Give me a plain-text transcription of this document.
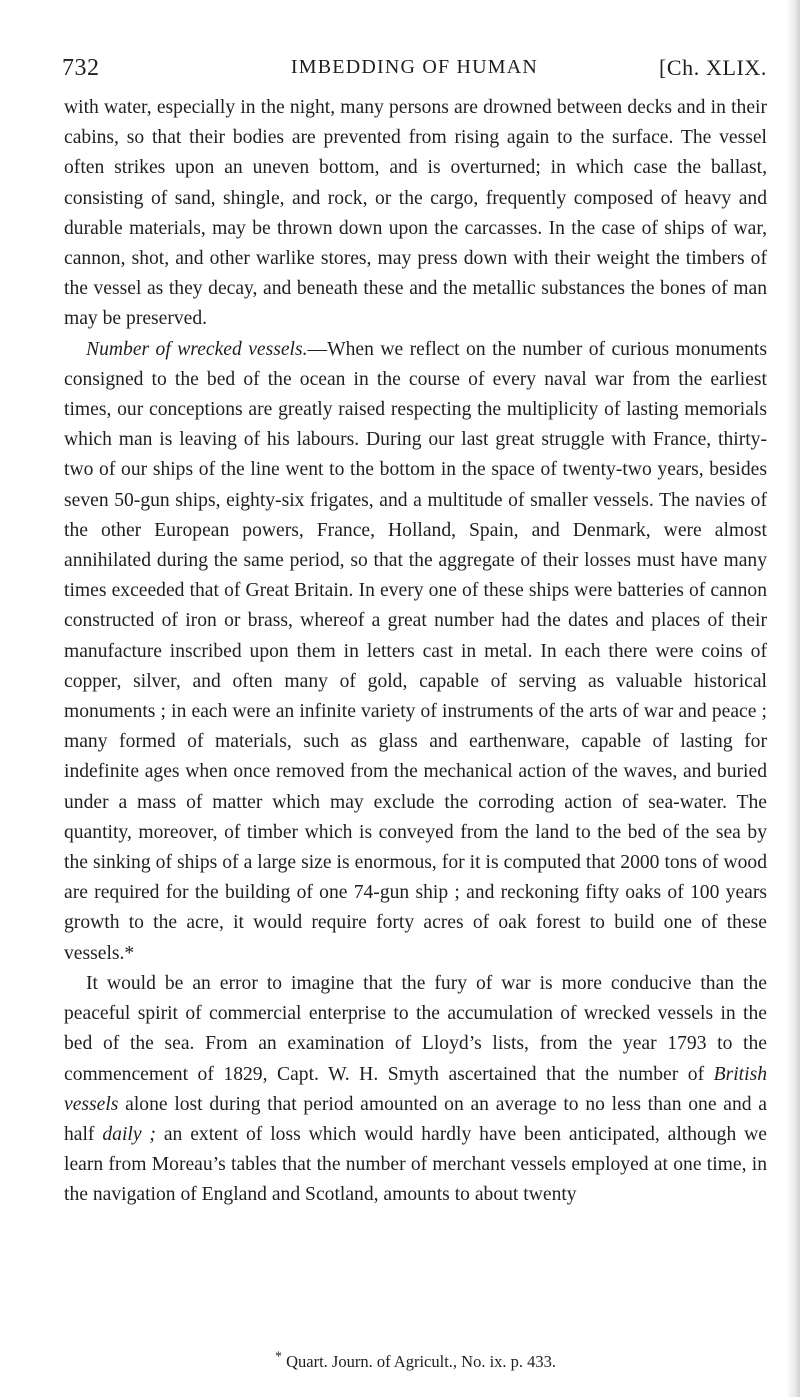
732	IMBEDDING OF HUMAN	[Ch. XLIX.

with water, especially in the night, many persons are drowned between decks and in their cabins, so that their bodies are prevented from rising again to the surface. The vessel often strikes upon an uneven bottom, and is overturned; in which case the ballast, consisting of sand, shingle, and rock, or the cargo, frequently composed of heavy and durable materials, may be thrown down upon the carcasses. In the case of ships of war, cannon, shot, and other warlike stores, may press down with their weight the timbers of the vessel as they decay, and beneath these and the metallic substances the bones of man may be preserved.

Number of wrecked vessels.—When we reflect on the number of curious monuments consigned to the bed of the ocean in the course of every naval war from the earliest times, our conceptions are greatly raised respecting the multiplicity of lasting memorials which man is leaving of his labours. During our last great struggle with France, thirty-two of our ships of the line went to the bottom in the space of twenty-two years, besides seven 50-gun ships, eighty-six frigates, and a multitude of smaller vessels. The navies of the other European powers, France, Holland, Spain, and Denmark, were almost annihilated during the same period, so that the aggregate of their losses must have many times exceeded that of Great Britain. In every one of these ships were batteries of cannon constructed of iron or brass, whereof a great number had the dates and places of their manufacture inscribed upon them in letters cast in metal. In each there were coins of copper, silver, and often many of gold, capable of serving as valuable historical monuments ; in each were an infinite variety of instruments of the arts of war and peace ; many formed of materials, such as glass and earthenware, capable of lasting for indefinite ages when once removed from the mechanical action of the waves, and buried under a mass of matter which may exclude the corroding action of sea-water. The quantity, moreover, of timber which is conveyed from the land to the bed of the sea by the sinking of ships of a large size is enormous, for it is computed that 2000 tons of wood are required for the building of one 74-gun ship ; and reckoning fifty oaks of 100 years growth to the acre, it would require forty acres of oak forest to build one of these vessels.*

It would be an error to imagine that the fury of war is more conducive than the peaceful spirit of commercial enterprise to the accumulation of wrecked vessels in the bed of the sea. From an examination of Lloyd’s lists, from the year 1793 to the commencement of 1829, Capt. W. H. Smyth ascertained that the number of British vessels alone lost during that period amounted on an average to no less than one and a half daily ; an extent of loss which would hardly have been anticipated, although we learn from Moreau’s tables that the number of merchant vessels employed at one time, in the navigation of England and Scotland, amounts to about twenty

* Quart. Journ. of Agricult., No. ix. p. 433.
